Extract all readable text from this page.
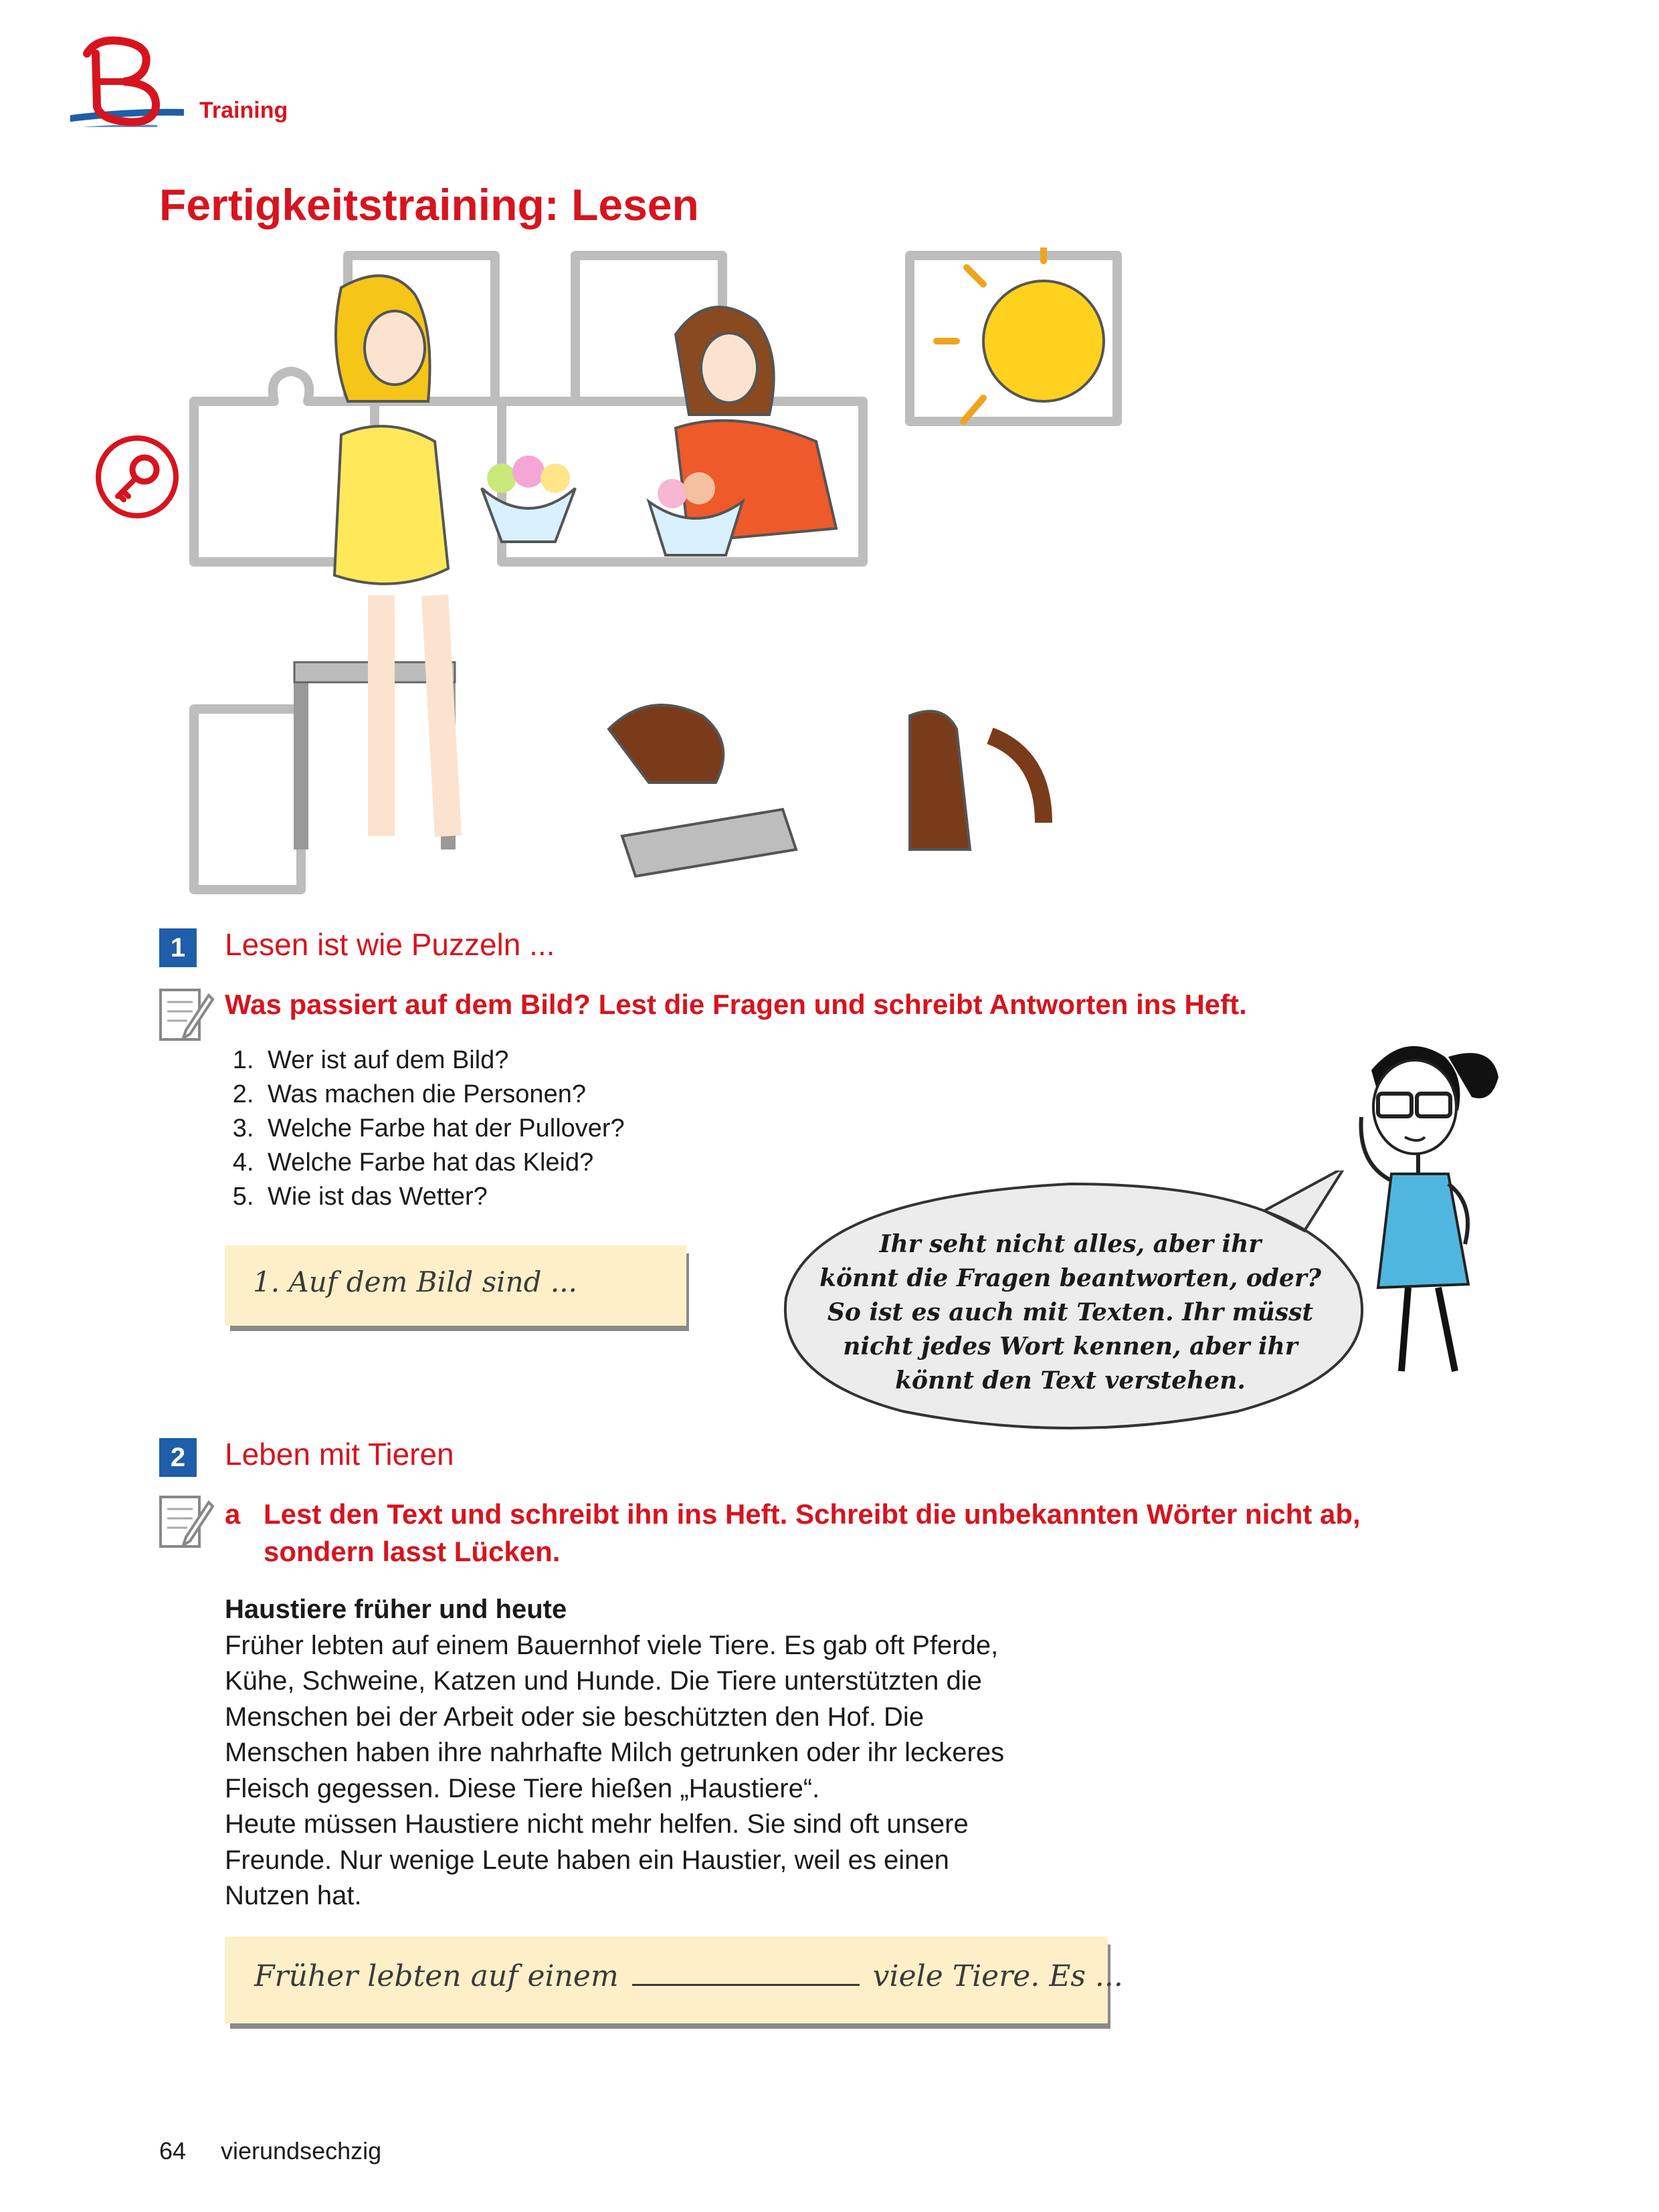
Training
Fertigkeitstraining: Lesen
1	Lesen ist wie Puzzeln ...
Was passiert auf dem Bild? Lest die Fragen und schreibt Antworten ins Heft.
1. Wer ist auf dem Bild?
2. Was machen die Personen?
3. Welche Farbe hat der Pullover?
4. Welche Farbe hat das Kleid?
5. Wie ist das Wetter?
1. Auf dem Bild sind ...
Ihr seht nicht alles, aber ihr
könnt die Fragen beantworten, oder?
So ist es auch mit Texten. Ihr müsst
nicht jedes Wort kennen, aber ihr
könnt den Text verstehen.
2	Leben mit Tieren
a Lest den Text und schreibt ihn ins Heft. Schreibt die unbekannten Wörter nicht ab,
sondern lasst Lücken.
Haustiere früher und heute
Früher lebten auf einem Bauernhof viele Tiere. Es gab oft Pferde,
Kühe, Schweine, Katzen und Hunde. Die Tiere unterstützten die
Menschen bei der Arbeit oder sie beschützten den Hof. Die
Menschen haben ihre nahrhafte Milch getrunken oder ihr leckeres
Fleisch gegessen. Diese Tiere hießen „Haustiere“.
Heute müssen Haustiere nicht mehr helfen. Sie sind oft unsere
Freunde. Nur wenige Leute haben ein Haustier, weil es einen
Nutzen hat.
Früher lebten auf einem	viele Tiere. Es ...
64 vierundsechzig
